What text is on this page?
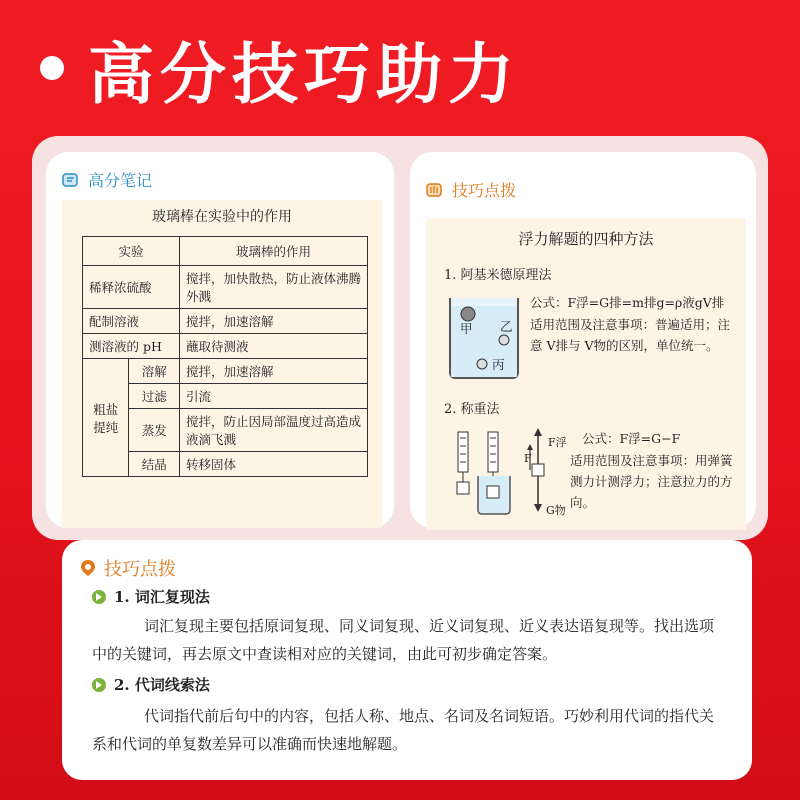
高分技巧助力
高分笔记
玻璃棒在实验中的作用
实验		玻璃棒的作用
稀释浓硫酸		搅拌，加快散热，防止液体沸腾外溅
配制溶液		搅拌，加速溶解
测溶液的 pH		蘸取待测液
粗盐提纯	溶解	搅拌，加速溶解
	过滤	引流
	蒸发	搅拌，防止因局部温度过高造成液滴飞溅
	结晶	转移固体
技巧点拨
浮力解题的四种方法
1. 阿基米德原理法
甲 乙
丙
公式：F浮=G排=m排g=ρ液gV排
适用范围及注意事项：普遍适用；注意 V排与 V物的区别，单位统一。
2. 称重法
F浮
F
G物
公式：F浮=G−F
适用范围及注意事项：用弹簧测力计测浮力；注意拉力的方向。
技巧点拨
1. 词汇复现法
词汇复现主要包括原词复现、同义词复现、近义词复现、近义表达语复现等。找出选项中的关键词，再去原文中查读相对应的关键词，由此可初步确定答案。
2. 代词线索法
代词指代前后句中的内容，包括人称、地点、名词及名词短语。巧妙利用代词的指代关系和代词的单复数差异可以准确而快速地解题。
